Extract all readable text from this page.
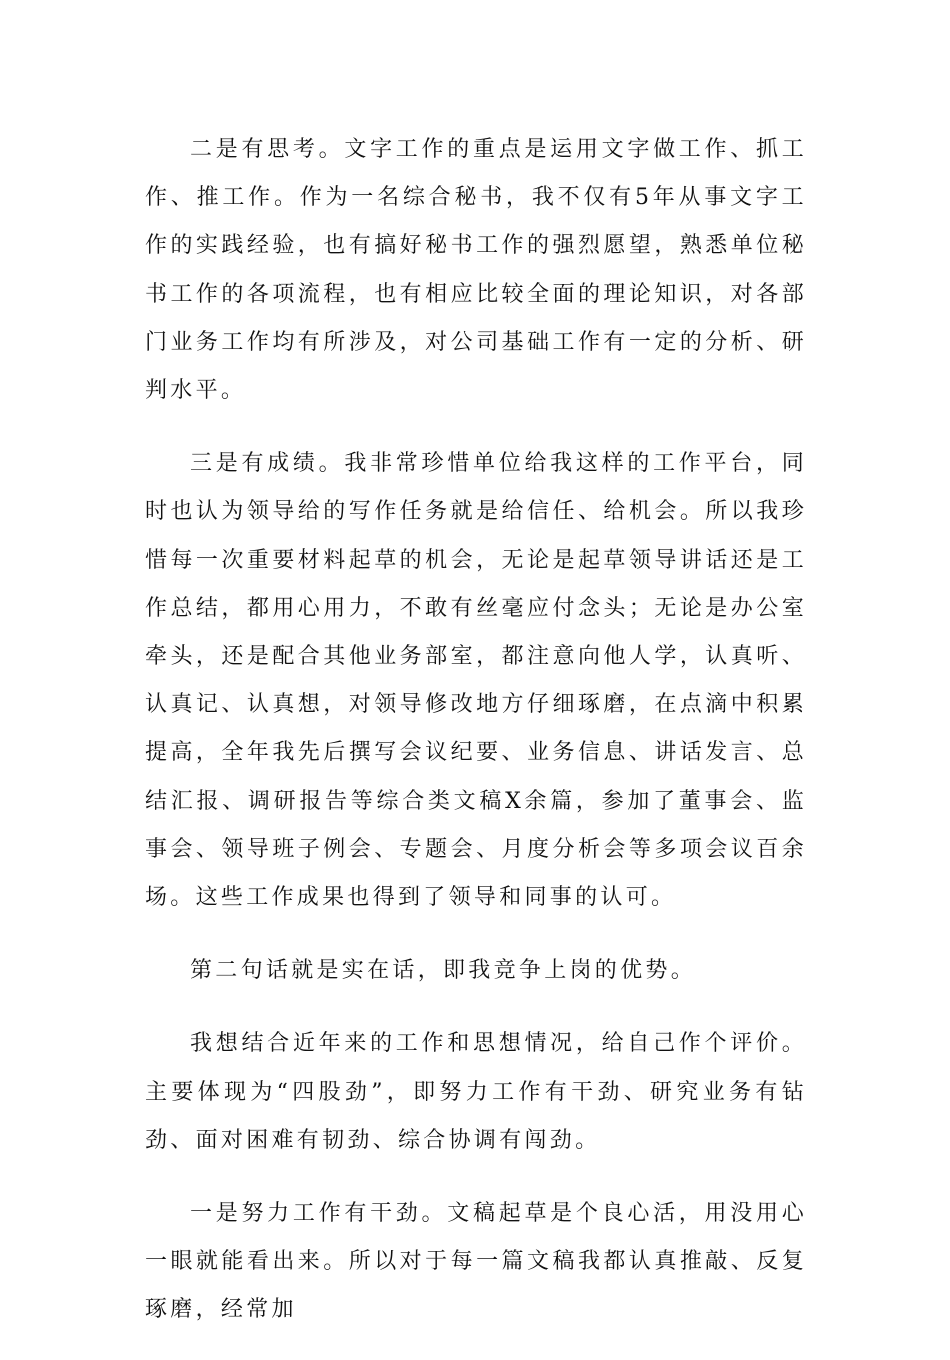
二是有思考。文字工作的重点是运用文字做工作、抓工作、推工作。作为一名综合秘书，我不仅有5年从事文字工作的实践经验，也有搞好秘书工作的强烈愿望，熟悉单位秘书工作的各项流程，也有相应比较全面的理论知识，对各部门业务工作均有所涉及，对公司基础工作有一定的分析、研判水平。

三是有成绩。我非常珍惜单位给我这样的工作平台，同时也认为领导给的写作任务就是给信任、给机会。所以我珍惜每一次重要材料起草的机会，无论是起草领导讲话还是工作总结，都用心用力，不敢有丝毫应付念头；无论是办公室牵头，还是配合其他业务部室，都注意向他人学，认真听、认真记、认真想，对领导修改地方仔细琢磨，在点滴中积累提高，全年我先后撰写会议纪要、业务信息、讲话发言、总结汇报、调研报告等综合类文稿X余篇，参加了董事会、监事会、领导班子例会、专题会、月度分析会等多项会议百余场。这些工作成果也得到了领导和同事的认可。

第二句话就是实在话，即我竞争上岗的优势。

我想结合近年来的工作和思想情况，给自己作个评价。主要体现为“四股劲”，即努力工作有干劲、研究业务有钻劲、面对困难有韧劲、综合协调有闯劲。

一是努力工作有干劲。文稿起草是个良心活，用没用心一眼就能看出来。所以对于每一篇文稿我都认真推敲、反复琢磨，经常加
